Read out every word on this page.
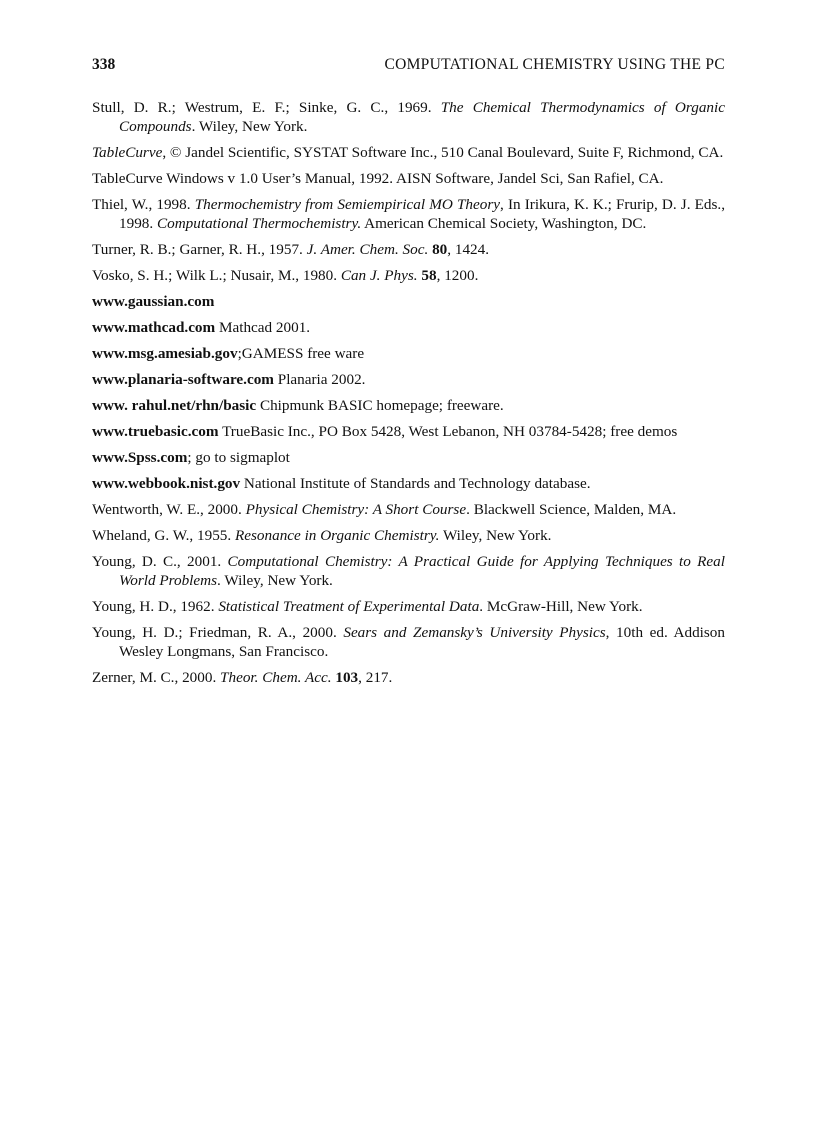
338	COMPUTATIONAL CHEMISTRY USING THE PC

Stull, D. R.; Westrum, E. F.; Sinke, G. C., 1969. The Chemical Thermodynamics of Organic Compounds. Wiley, New York.

TableCurve, © Jandel Scientific, SYSTAT Software Inc., 510 Canal Boulevard, Suite F, Richmond, CA.

TableCurve Windows v 1.0 User’s Manual, 1992. AISN Software, Jandel Sci, San Rafiel, CA.

Thiel, W., 1998. Thermochemistry from Semiempirical MO Theory, In Irikura, K. K.; Frurip, D. J. Eds., 1998. Computational Thermochemistry. American Chemical Society, Washington, DC.

Turner, R. B.; Garner, R. H., 1957. J. Amer. Chem. Soc. 80, 1424.

Vosko, S. H.; Wilk L.; Nusair, M., 1980. Can J. Phys. 58, 1200.

www.gaussian.com

www.mathcad.com Mathcad 2001.

www.msg.amesiab.gov;GAMESS free ware

www.planaria-software.com Planaria 2002.

www. rahul.net/rhn/basic Chipmunk BASIC homepage; freeware.

www.truebasic.com TrueBasic Inc., PO Box 5428, West Lebanon, NH 03784-5428; free demos

www.Spss.com; go to sigmaplot

www.webbook.nist.gov National Institute of Standards and Technology database.

Wentworth, W. E., 2000. Physical Chemistry: A Short Course. Blackwell Science, Malden, MA.

Wheland, G. W., 1955. Resonance in Organic Chemistry. Wiley, New York.

Young, D. C., 2001. Computational Chemistry: A Practical Guide for Applying Techniques to Real World Problems. Wiley, New York.

Young, H. D., 1962. Statistical Treatment of Experimental Data. McGraw-Hill, New York.

Young, H. D.; Friedman, R. A., 2000. Sears and Zemansky’s University Physics, 10th ed. Addison Wesley Longmans, San Francisco.

Zerner, M. C., 2000. Theor. Chem. Acc. 103, 217.
